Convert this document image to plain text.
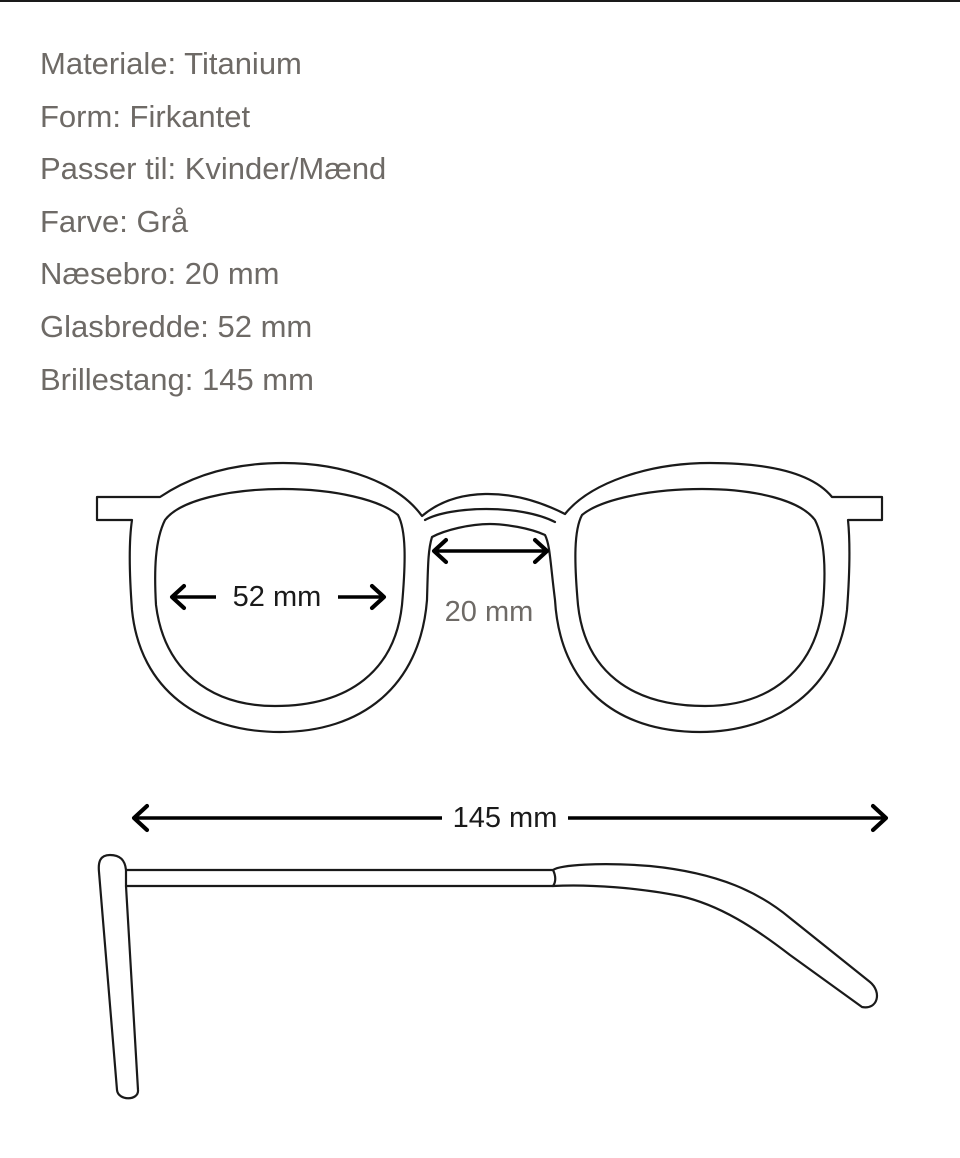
Materiale: Titanium
Form: Firkantet
Passer til: Kvinder/Mænd
Farve: Grå
Næsebro: 20 mm
Glasbredde: 52 mm
Brillestang: 145 mm
52 mm	20 mm
145 mm
